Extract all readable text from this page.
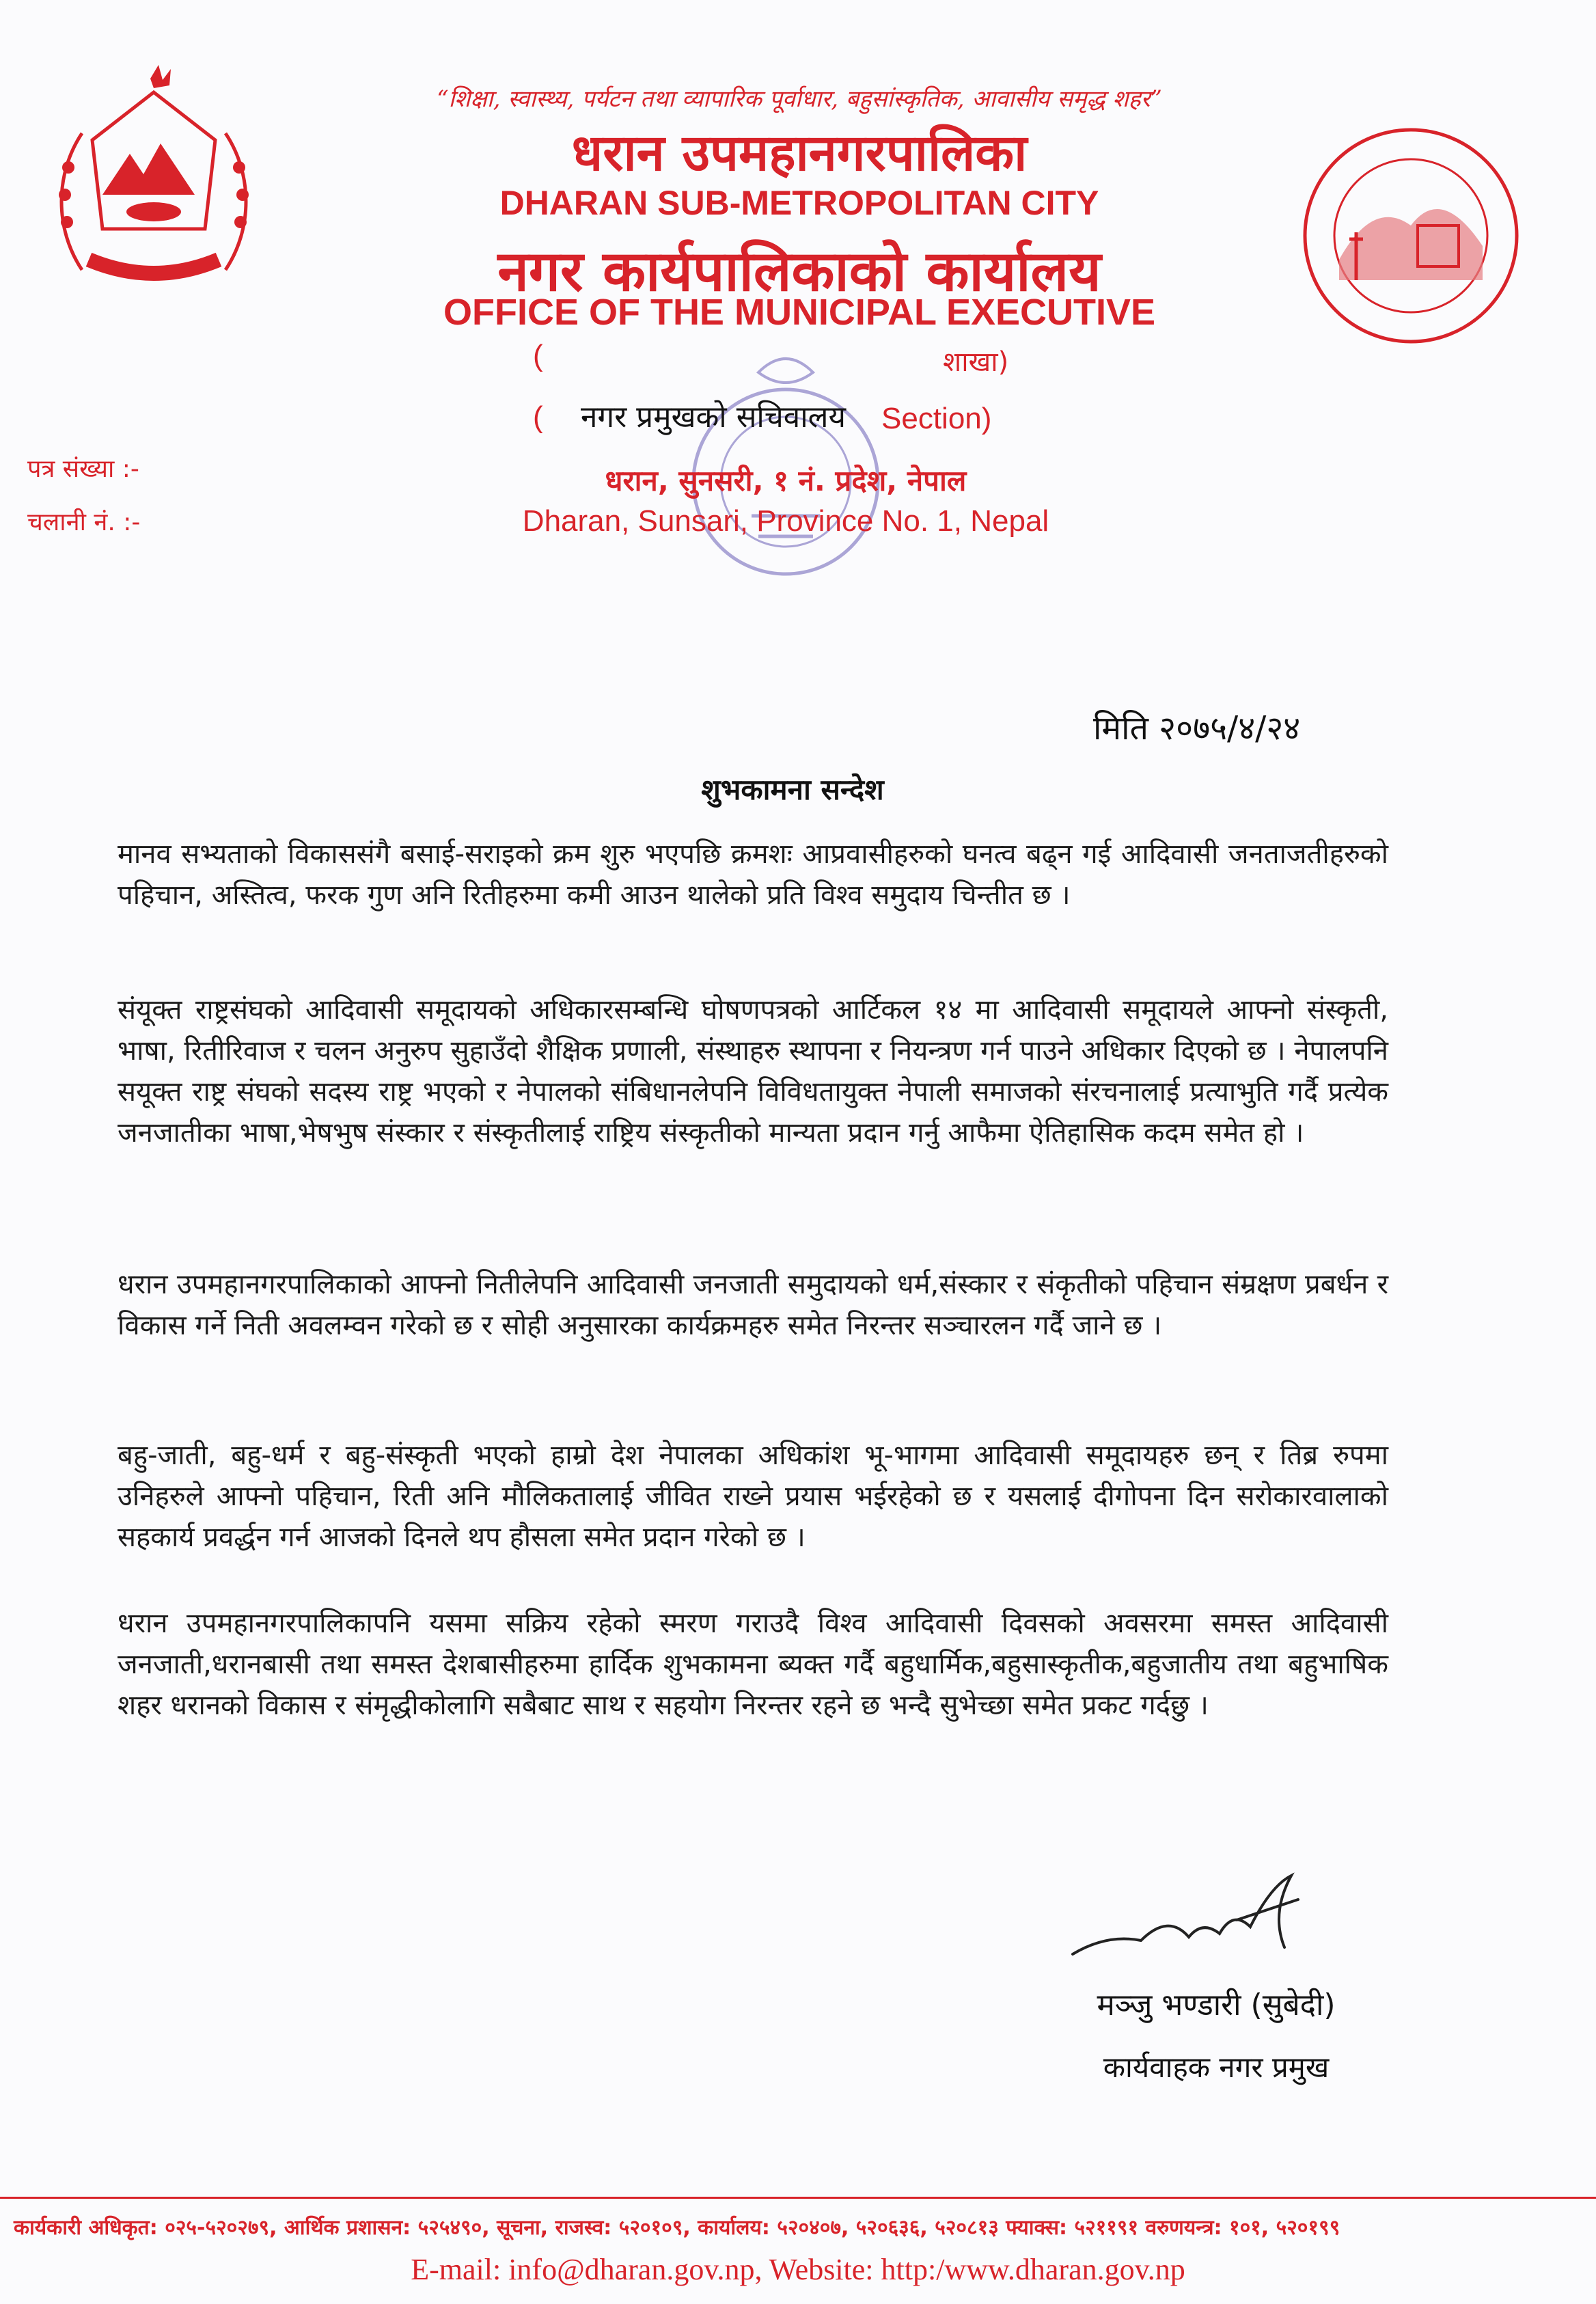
“शिक्षा, स्वास्थ्य, पर्यटन तथा व्यापारिक पूर्वाधार, बहुसांस्कृतिक, आवासीय समृद्ध शहर”
धरान उपमहानगरपालिका
DHARAN SUB-METROPOLITAN CITY
नगर कार्यपालिकाको कार्यालय
OFFICE OF THE MUNICIPAL EXECUTIVE
(	शाखा)
( नगर प्रमुखको सचिवालय Section)
धरान, सुनसरी, १ नं. प्रदेश, नेपाल
Dharan, Sunsari, Province No. 1, Nepal
पत्र संख्या :-
चलानी नं. :-
मिति २०७५/४/२४
शुभकामना सन्देश
मानव सभ्यताको विकाससंगै बसाई-सराइको क्रम शुरु भएपछि क्रमशः आप्रवासीहरुको घनत्व बढ्न गई आदिवासी जनताजतीहरुको पहिचान, अस्तित्व, फरक गुण अनि रितीहरुमा कमी आउन थालेको प्रति विश्व समुदाय चिन्तीत छ ।
संयूक्त राष्ट्रसंघको आदिवासी समूदायको अधिकारसम्बन्धि घोषणपत्रको आर्टिकल १४ मा आदिवासी समूदायले आफ्नो संस्कृती, भाषा, रितीरिवाज र चलन अनुरुप सुहाउँदो शैक्षिक प्रणाली, संस्थाहरु स्थापना र नियन्त्रण गर्न पाउने अधिकार दिएको छ । नेपालपनि सयूक्त राष्ट्र संघको सदस्य राष्ट्र भएको र नेपालको संबिधानलेपनि विविधतायुक्त नेपाली समाजको संरचनालाई प्रत्याभुति गर्दै प्रत्येक जनजातीका भाषा,भेषभुष संस्कार र संस्कृतीलाई राष्ट्रिय संस्कृतीको मान्यता प्रदान गर्नु आफैमा ऐतिहासिक कदम समेत हो ।
धरान उपमहानगरपालिकाको आफ्नो नितीलेपनि आदिवासी जनजाती समुदायको धर्म,संस्कार र संकृतीको पहिचान संम्रक्षण प्रबर्धन र विकास गर्ने निती अवलम्वन गरेको छ र सोही अनुसारका कार्यक्रमहरु समेत निरन्तर सञ्चारलन गर्दै जाने छ ।
बहु-जाती, बहु-धर्म र बहु-संस्कृती भएको हाम्रो देश नेपालका अधिकांश भू-भागमा आदिवासी समूदायहरु छन् र तिब्र रुपमा उनिहरुले आफ्नो पहिचान, रिती अनि मौलिकतालाई जीवित राख्ने प्रयास भईरहेको छ र यसलाई दीगोपना दिन सरोकारवालाको सहकार्य प्रवर्द्धन गर्न आजको दिनले थप हौसला समेत प्रदान गरेको छ ।
धरान उपमहानगरपालिकापनि यसमा सक्रिय रहेको स्मरण गराउदै विश्व आदिवासी दिवसको अवसरमा समस्त आदिवासी जनजाती,धरानबासी तथा समस्त देशबासीहरुमा हार्दिक शुभकामना ब्यक्त गर्दै बहुधार्मिक,बहुसास्कृतीक,बहुजातीय तथा बहुभाषिक शहर धरानको विकास र संमृद्धीकोलागि सबैबाट साथ र सहयोग निरन्तर रहने छ भन्दै सुभेच्छा समेत प्रकट गर्दछु ।
मञ्जु भण्डारी (सुबेदी)
कार्यवाहक नगर प्रमुख
कार्यकारी अधिकृत: ०२५-५२०२७९, आर्थिक प्रशासन: ५२५४९०, सूचना, राजस्व: ५२०१०९, कार्यालय: ५२०४०७, ५२०६३६, ५२०८१३ फ्याक्स: ५२११९१ वरुणयन्त्र: १०१, ५२०१९९
E-mail: info@dharan.gov.np, Website: http:/www.dharan.gov.np
